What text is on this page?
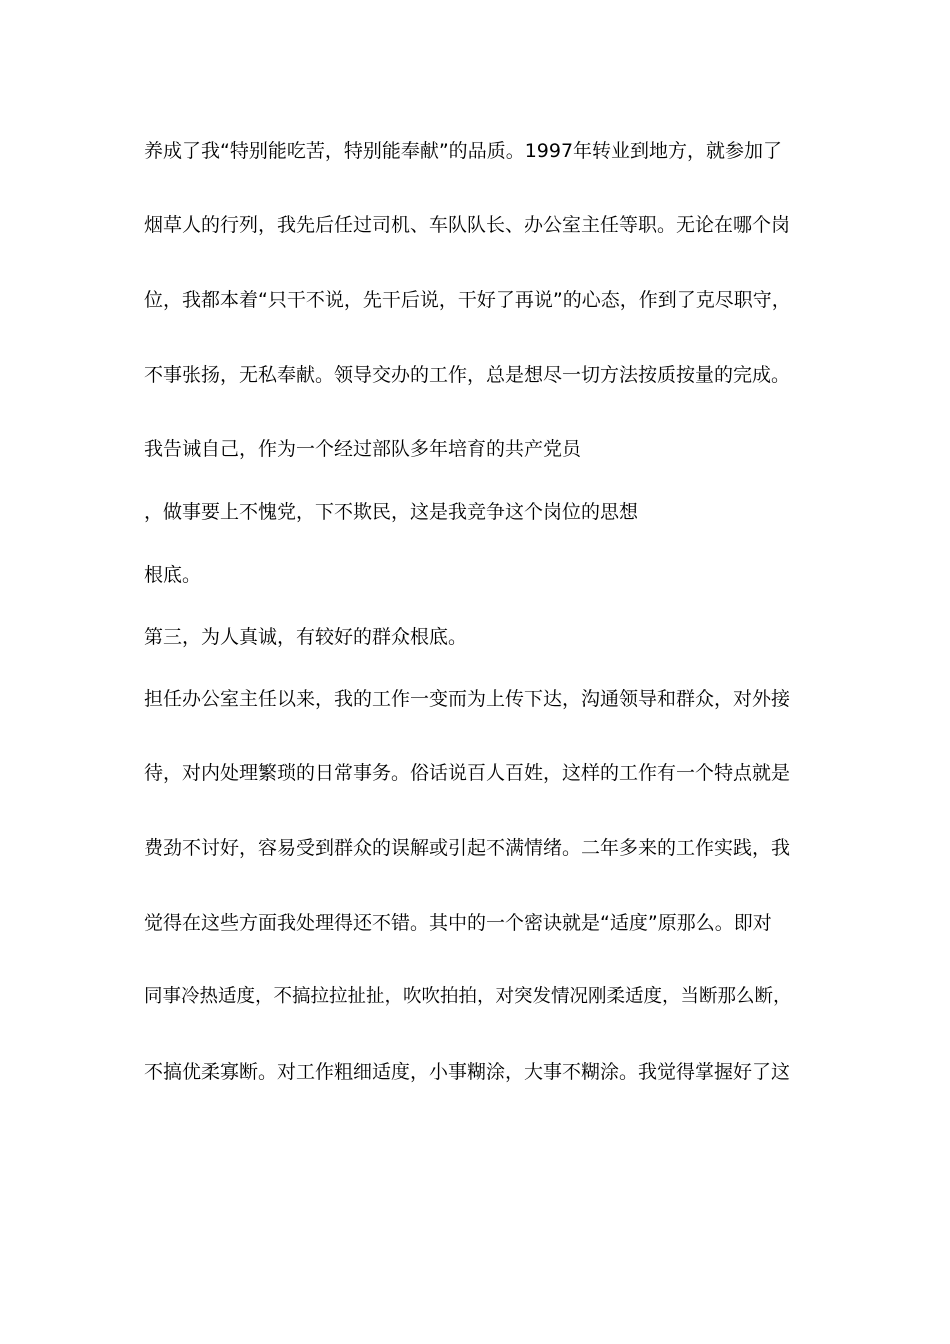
养成了我“特别能吃苦，特别能奉献”的品质。1997年转业到地方，就参加了
烟草人的行列，我先后任过司机、车队队长、办公室主任等职。无论在哪个岗
位，我都本着“只干不说，先干后说，干好了再说”的心态，作到了克尽职守，
不事张扬，无私奉献。领导交办的工作，总是想尽一切方法按质按量的完成。
我告诫自己，作为一个经过部队多年培育的共产党员
，做事要上不愧党，下不欺民，这是我竞争这个岗位的思想
根底。
第三，为人真诚，有较好的群众根底。
担任办公室主任以来，我的工作一变而为上传下达，沟通领导和群众，对外接
待，对内处理繁琐的日常事务。俗话说百人百姓，这样的工作有一个特点就是
费劲不讨好，容易受到群众的误解或引起不满情绪。二年多来的工作实践，我
觉得在这些方面我处理得还不错。其中的一个密诀就是“适度”原那么。即对
同事冷热适度，不搞拉拉扯扯，吹吹拍拍，对突发情况刚柔适度，当断那么断，
不搞优柔寡断。对工作粗细适度，小事糊涂，大事不糊涂。我觉得掌握好了这
